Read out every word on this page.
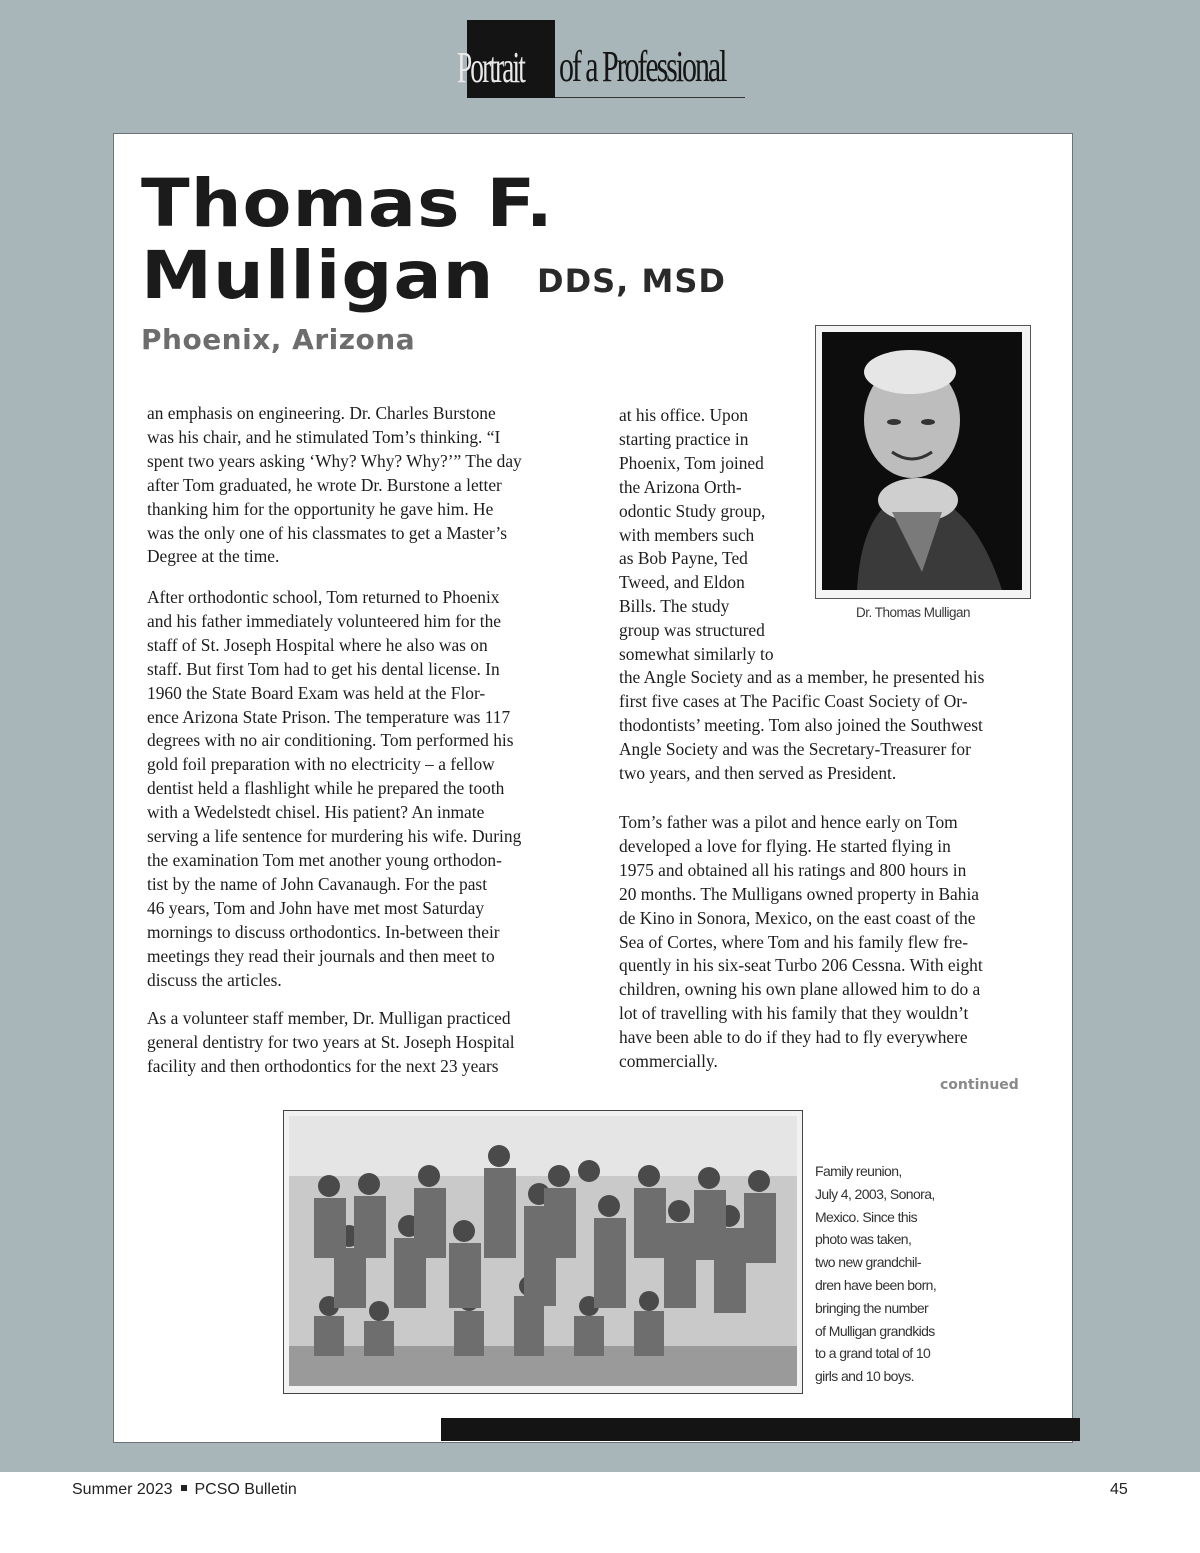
Portrait of a Professional
Thomas F.
Mulligan	DDS, MSD
Phoenix, Arizona
an emphasis on engineering. Dr. Charles Burstone
was his chair, and he stimulated Tom’s thinking. “I
spent two years asking ‘Why? Why? Why?’” The day
after Tom graduated, he wrote Dr. Burstone a letter
thanking him for the opportunity he gave him. He
was the only one of his classmates to get a Master’s
Degree at the time.
After orthodontic school, Tom returned to Phoenix
and his father immediately volunteered him for the
staff of St. Joseph Hospital where he also was on
staff. But first Tom had to get his dental license. In
1960 the State Board Exam was held at the Flor-
ence Arizona State Prison. The temperature was 117
degrees with no air conditioning. Tom performed his
gold foil preparation with no electricity – a fellow
dentist held a flashlight while he prepared the tooth
with a Wedelstedt chisel. His patient? An inmate
serving a life sentence for murdering his wife. During
the examination Tom met another young orthodon-
tist by the name of John Cavanaugh. For the past
46 years, Tom and John have met most Saturday
mornings to discuss orthodontics. In-between their
meetings they read their journals and then meet to
discuss the articles.
As a volunteer staff member, Dr. Mulligan practiced
general dentistry for two years at St. Joseph Hospital
facility and then orthodontics for the next 23 years
at his office. Upon
starting practice in
Phoenix, Tom joined
the Arizona Orth-
odontic Study group,
with members such
as Bob Payne, Ted
Tweed, and Eldon
Bills. The study
group was structured
somewhat similarly to
the Angle Society and as a member, he presented his
first five cases at The Pacific Coast Society of Or-
thodontists’ meeting. Tom also joined the Southwest
Angle Society and was the Secretary-Treasurer for
two years, and then served as President.
Tom’s father was a pilot and hence early on Tom
developed a love for flying. He started flying in
1975 and obtained all his ratings and 800 hours in
20 months. The Mulligans owned property in Bahia
de Kino in Sonora, Mexico, on the east coast of the
Sea of Cortes, where Tom and his family flew fre-
quently in his six-seat Turbo 206 Cessna. With eight
children, owning his own plane allowed him to do a
lot of travelling with his family that they wouldn’t
have been able to do if they had to fly everywhere
commercially.
Dr. Thomas Mulligan
continued
Family reunion,
July 4, 2003, Sonora,
Mexico. Since this
photo was taken,
two new grandchil-
dren have been born,
bringing the number
of Mulligan grandkids
to a grand total of 10
girls and 10 boys.
Summer 2023 PCSO Bulletin	45
